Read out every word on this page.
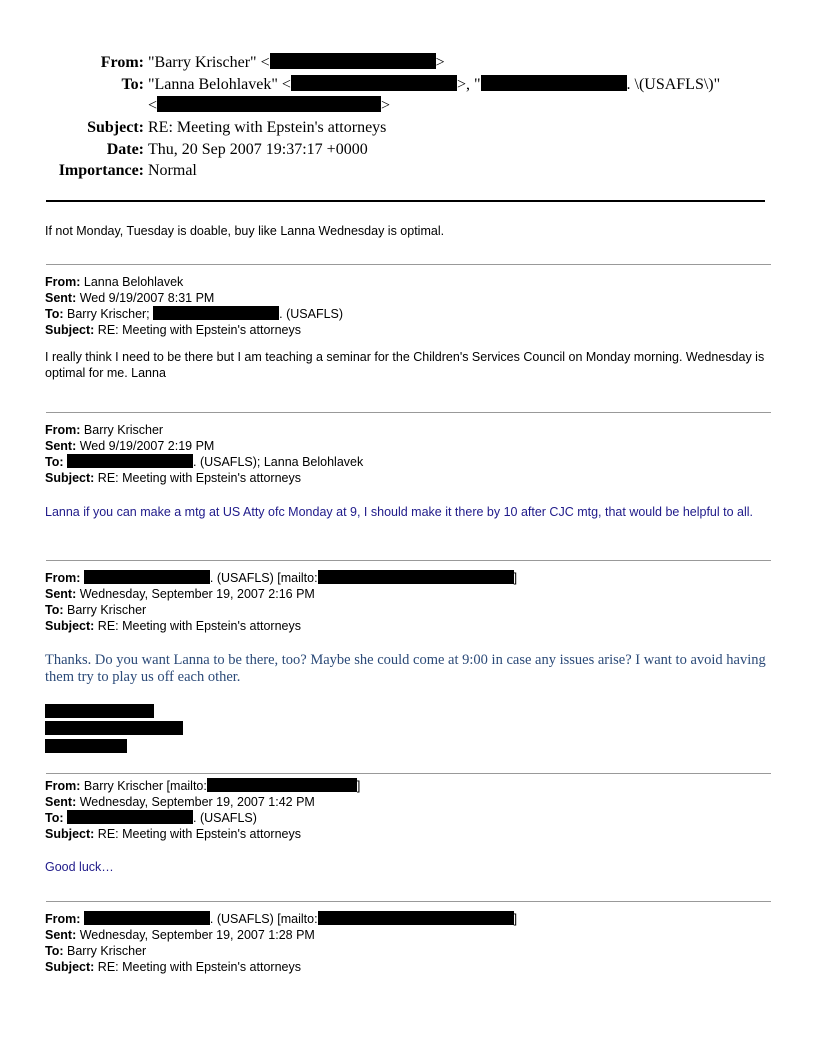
From: "Barry Krischer" <	>
To: "Lanna Belohlavek" <	>, "	. \(USAFLS\)"
<	>
Subject: RE: Meeting with Epstein's attorneys
Date: Thu, 20 Sep 2007 19:37:17 +0000
Importance: Normal
If not Monday, Tuesday is doable, buy like Lanna Wednesday is optimal.
From: Lanna Belohlavek
Sent: Wed 9/19/2007 8:31 PM
To: Barry Krischer;	. (USAFLS)
Subject: RE: Meeting with Epstein's attorneys
I really think I need to be there but I am teaching a seminar for the Children's Services Council on Monday morning. Wednesday is optimal for me. Lanna
From: Barry Krischer
Sent: Wed 9/19/2007 2:19 PM
To:	. (USAFLS); Lanna Belohlavek
Subject: RE: Meeting with Epstein's attorneys
Lanna if you can make a mtg at US Atty ofc Monday at 9, I should make it there by 10 after CJC mtg, that would be helpful to all.
From:	. (USAFLS) [mailto:	]
Sent: Wednesday, September 19, 2007 2:16 PM
To: Barry Krischer
Subject: RE: Meeting with Epstein's attorneys
Thanks. Do you want Lanna to be there, too? Maybe she could come at 9:00 in case any issues arise? I want to avoid having them try to play us off each other.
From: Barry Krischer [mailto:	]
Sent: Wednesday, September 19, 2007 1:42 PM
To:	. (USAFLS)
Subject: RE: Meeting with Epstein's attorneys
Good luck…
From:	. (USAFLS) [mailto:	]
Sent: Wednesday, September 19, 2007 1:28 PM
To: Barry Krischer
Subject: RE: Meeting with Epstein's attorneys
